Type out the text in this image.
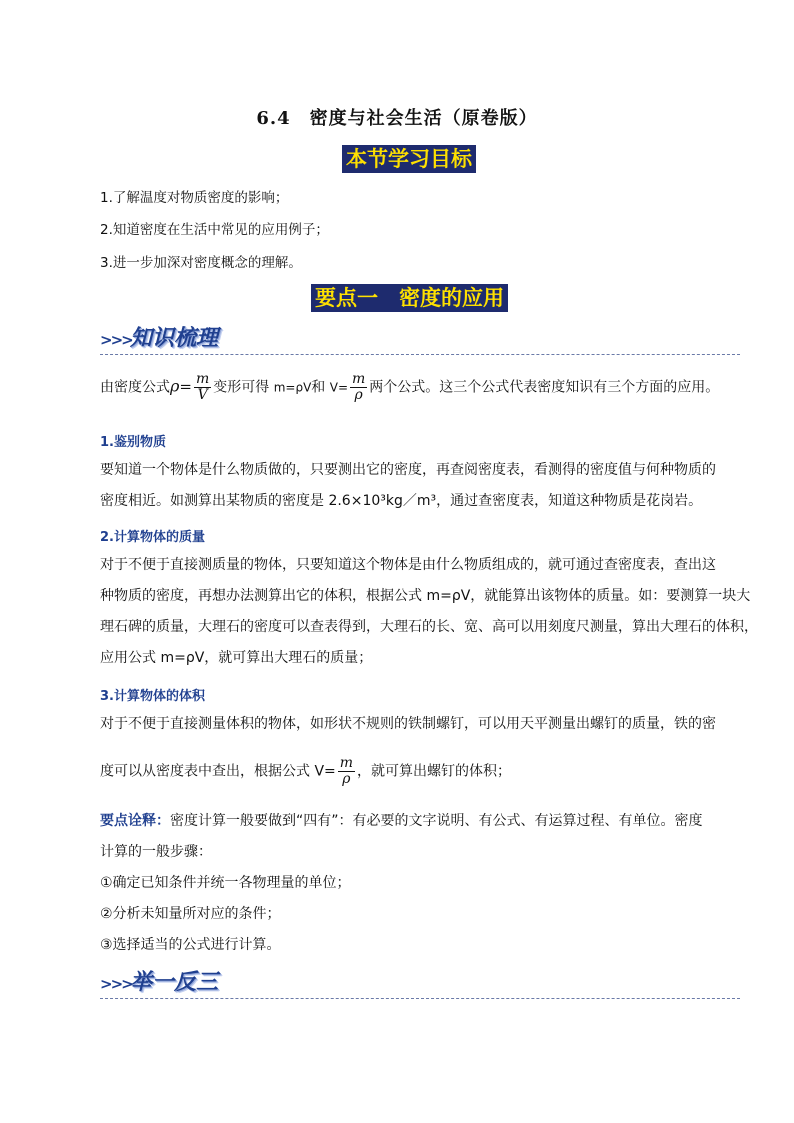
6.4　密度与社会生活（原卷版）
本节学习目标
1.了解温度对物质密度的影响；
2.知道密度在生活中常见的应用例子；
3.进一步加深对密度概念的理解。
要点一　密度的应用
>>>
知识梳理
由密度公式$\rho= \frac{m}{V}$ 变形可得 m=ρV和 $V= \frac{m}{\rho}$ 两个公式。这三个公式代表密度知识有三个方面的应用。
1.鉴别物质
要知道一个物体是什么物质做的，只要测出它的密度，再查阅密度表，看测得的密度值与何种物质的
密度相近。如测算出某物质的密度是 2.6×10³kg／m³，通过查密度表，知道这种物质是花岗岩。
2.计算物体的质量
对于不便于直接测质量的物体，只要知道这个物体是由什么物质组成的，就可通过查密度表，查出这
种物质的密度，再想办法测算出它的体积，根据公式 m=ρV，就能算出该物体的质量。如：要测算一块大
理石碑的质量，大理石的密度可以查表得到，大理石的长、宽、高可以用刻度尺测量，算出大理石的体积，
应用公式 m=ρV，就可算出大理石的质量；
3.计算物体的体积
对于不便于直接测量体积的物体，如形状不规则的铁制螺钉，可以用天平测量出螺钉的质量，铁的密
度可以从密度表中查出，根据公式 $V= \frac{m}{\rho}$ ，就可算出螺钉的体积；
要点诠释：密度计算一般要做到“四有”：有必要的文字说明、有公式、有运算过程、有单位。密度
计算的一般步骤：
①确定已知条件并统一各物理量的单位；
②分析未知量所对应的条件；
③选择适当的公式进行计算。
>>>
举一反三
